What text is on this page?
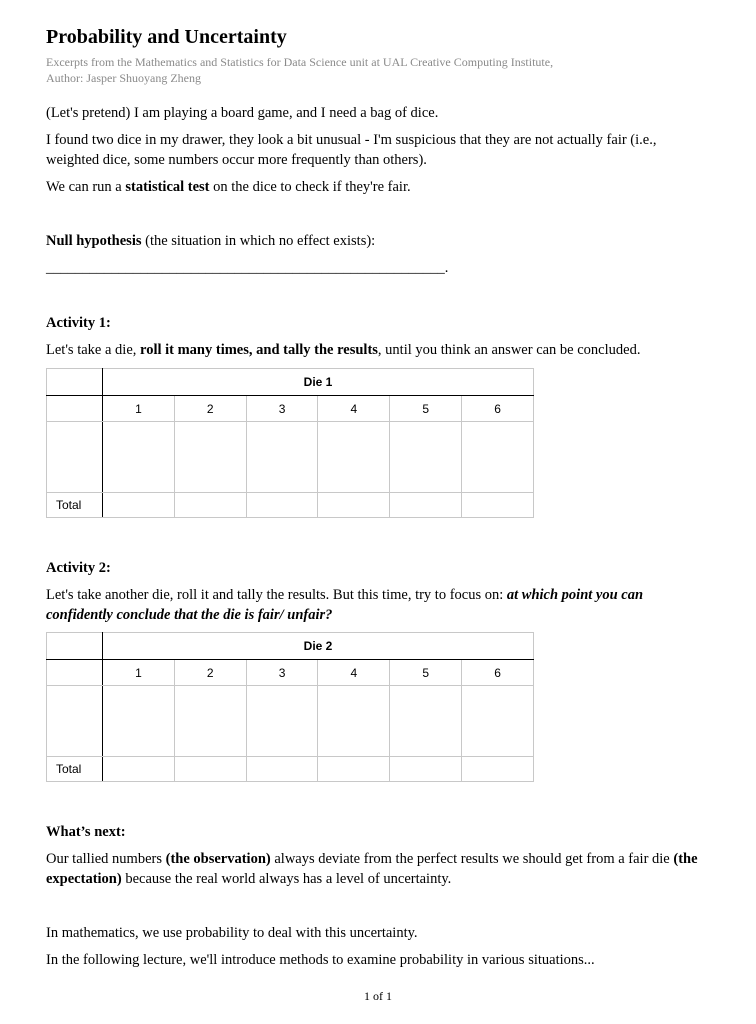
Probability and Uncertainty
Excerpts from the Mathematics and Statistics for Data Science unit at UAL Creative Computing Institute,
Author: Jasper Shuoyang Zheng
(Let's pretend) I am playing a board game, and I need a bag of dice.
I found two dice in my drawer, they look a bit unusual - I'm suspicious that they are not actually fair (i.e., weighted dice, some numbers occur more frequently than others).
We can run a statistical test on the dice to check if they're fair.
Null hypothesis (the situation in which no effect exists):
_______________________________________________________.
Activity 1:
Let's take a die, roll it many times, and tally the results, until you think an answer can be concluded.
	Die 1					
	1	2	3	4	5	6

Total						
Activity 2:
Let's take another die, roll it and tally the results. But this time, try to focus on: at which point you can confidently conclude that the die is fair/ unfair?
	Die 2					
	1	2	3	4	5	6

Total						
What’s next:
Our tallied numbers (the observation) always deviate from the perfect results we should get from a fair die (the expectation) because the real world always has a level of uncertainty.
In mathematics, we use probability to deal with this uncertainty.
In the following lecture, we'll introduce methods to examine probability in various situations...
1 of 1
